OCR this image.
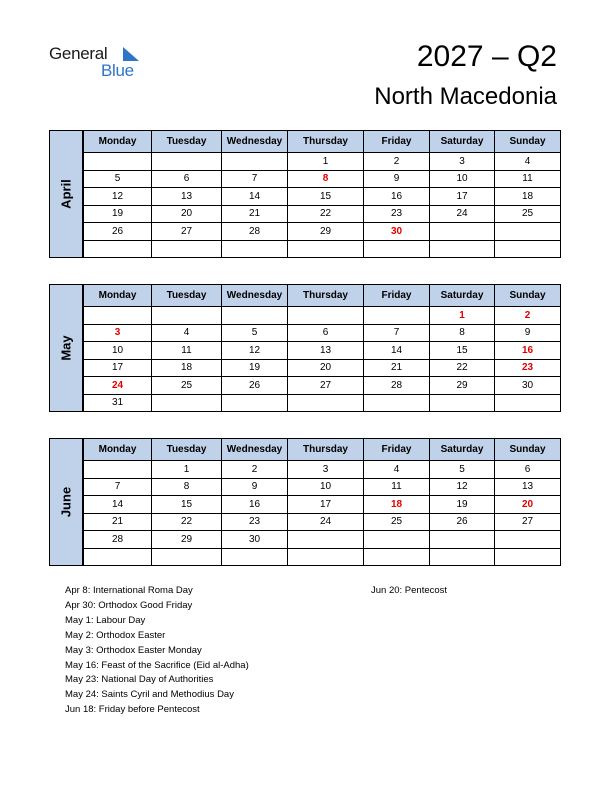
General
Blue	2027 – Q2
North Macedonia
April
Monday	Tuesday	Wednesday	Thursday	Friday	Saturday	Sunday
			1	2	3	4
5	6	7	8	9	10	11
12	13	14	15	16	17	18
19	20	21	22	23	24	25
26	27	28	29	30		

May
Monday	Tuesday	Wednesday	Thursday	Friday	Saturday	Sunday
					1	2
3	4	5	6	7	8	9
10	11	12	13	14	15	16
17	18	19	20	21	22	23
24	25	26	27	28	29	30
31						
June
Monday	Tuesday	Wednesday	Thursday	Friday	Saturday	Sunday
	1	2	3	4	5	6
7	8	9	10	11	12	13
14	15	16	17	18	19	20
21	22	23	24	25	26	27
28	29	30				

Apr 8: International Roma Day
Apr 30: Orthodox Good Friday
May 1: Labour Day
May 2: Orthodox Easter
May 3: Orthodox Easter Monday
May 16: Feast of the Sacrifice (Eid al-Adha)
May 23: National Day of Authorities
May 24: Saints Cyril and Methodius Day
Jun 18: Friday before Pentecost
Jun 20: Pentecost
